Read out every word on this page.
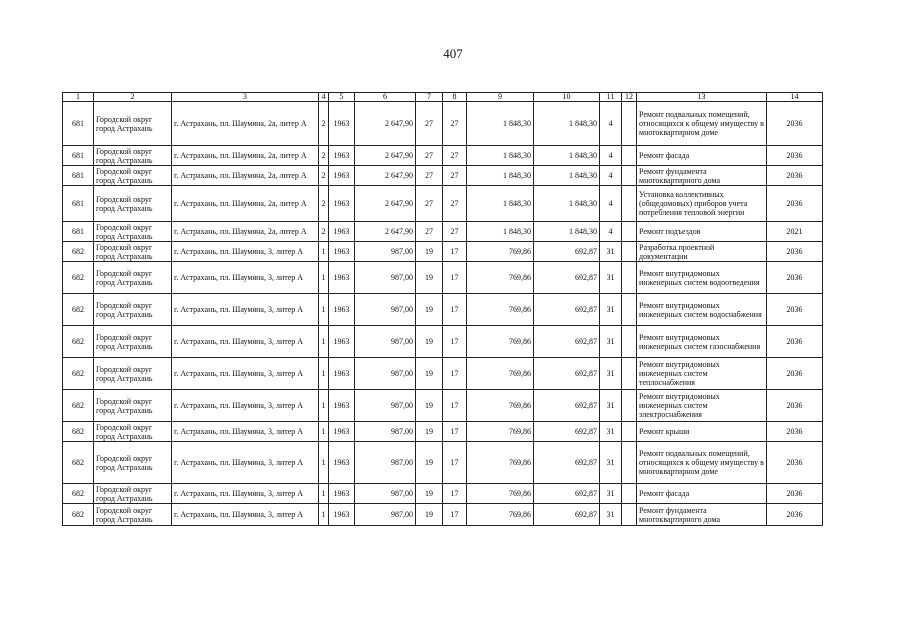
407
1	2	3	4	5	6	7	8	9	10	11	12	13	14
681	Городской округ город Астрахань	г. Астрахань, пл. Шаумяна, 2а, литер А	2	1963	2 647,90	27	27	1 848,30	1 848,30	4		Ремонт подвальных помещений, относящихся к общему имуществу в многоквартирном доме	2036
681	Городской округ город Астрахань	г. Астрахань, пл. Шаумяна, 2а, литер А	2	1963	2 647,90	27	27	1 848,30	1 848,30	4		Ремонт фасада	2036
681	Городской округ город Астрахань	г. Астрахань, пл. Шаумяна, 2а, литер А	2	1963	2 647,90	27	27	1 848,30	1 848,30	4		Ремонт фундамента многоквартирного дома	2036
681	Городской округ город Астрахань	г. Астрахань, пл. Шаумяна, 2а, литер А	2	1963	2 647,90	27	27	1 848,30	1 848,30	4		Установка коллективных (общедомовых) приборов учета потребления тепловой энергии	2036
681	Городской округ город Астрахань	г. Астрахань, пл. Шаумяна, 2а, литер А	2	1963	2 647,90	27	27	1 848,30	1 848,30	4		Ремонт подъездов	2021
682	Городской округ город Астрахань	г. Астрахань, пл. Шаумяна, 3, литер А	1	1963	987,00	19	17	769,86	692,87	31		Разработка проектной документации	2036
682	Городской округ город Астрахань	г. Астрахань, пл. Шаумяна, 3, литер А	1	1963	987,00	19	17	769,86	692,87	31		Ремонт внутридомовых инженерных систем водоотведения	2036
682	Городской округ город Астрахань	г. Астрахань, пл. Шаумяна, 3, литер А	1	1963	987,00	19	17	769,86	692,87	31		Ремонт внутридомовых инженерных систем водоснабжения	2036
682	Городской округ город Астрахань	г. Астрахань, пл. Шаумяна, 3, литер А	1	1963	987,00	19	17	769,86	692,87	31		Ремонт внутридомовых инженерных систем газоснабжения	2036
682	Городской округ город Астрахань	г. Астрахань, пл. Шаумяна, 3, литер А	1	1963	987,00	19	17	769,86	692,87	31		Ремонт внутридомовых инженерных систем теплоснабжения	2036
682	Городской округ город Астрахань	г. Астрахань, пл. Шаумяна, 3, литер А	1	1963	987,00	19	17	769,86	692,87	31		Ремонт внутридомовых инженерных систем электроснабжения	2036
682	Городской округ город Астрахань	г. Астрахань, пл. Шаумяна, 3, литер А	1	1963	987,00	19	17	769,86	692,87	31		Ремонт крыши	2036
682	Городской округ город Астрахань	г. Астрахань, пл. Шаумяна, 3, литер А	1	1963	987,00	19	17	769,86	692,87	31		Ремонт подвальных помещений, относящихся к общему имуществу в многоквартирном доме	2036
682	Городской округ город Астрахань	г. Астрахань, пл. Шаумяна, 3, литер А	1	1963	987,00	19	17	769,86	692,87	31		Ремонт фасада	2036
682	Городской округ город Астрахань	г. Астрахань, пл. Шаумяна, 3, литер А	1	1963	987,00	19	17	769,86	692,87	31		Ремонт фундамента многоквартирного дома	2036
